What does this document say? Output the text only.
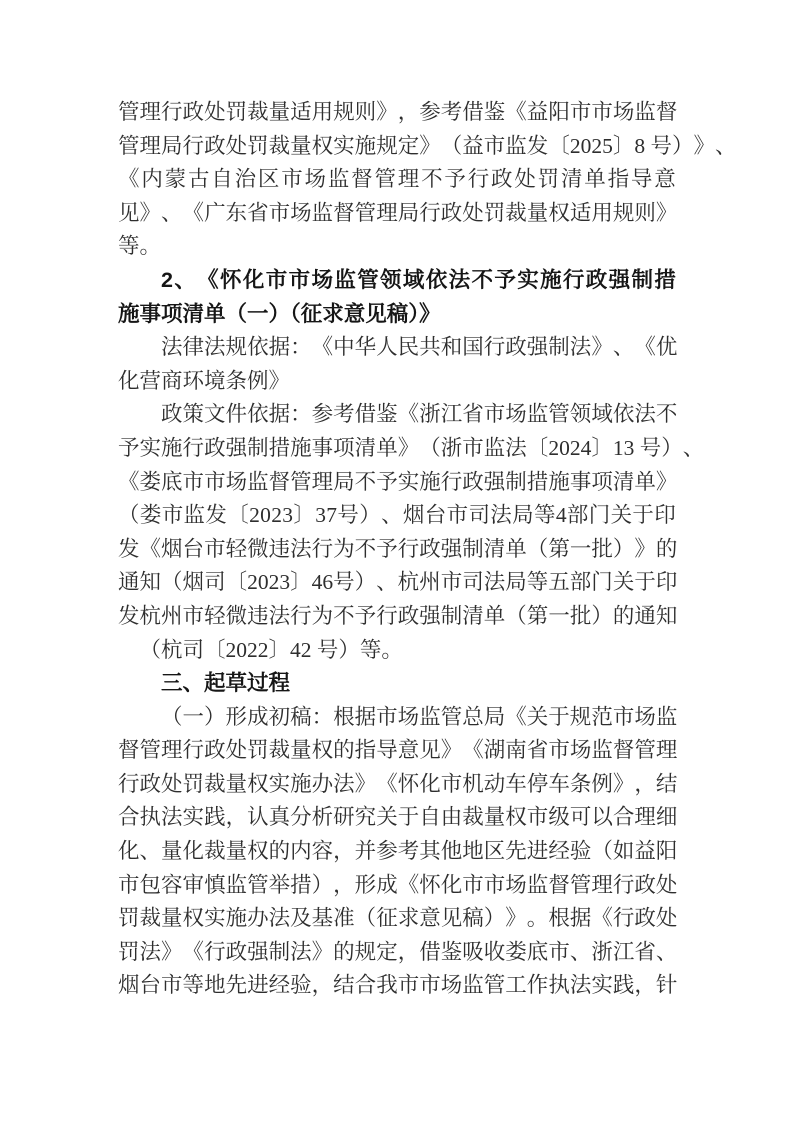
管 理 行 政 处 罚 裁 量 适 用 规 则 》 ， 参 考 借 鉴 《 益 阳 市 市 场 监 督
管 理 局 行 政 处 罚 裁 量 权 实 施 规 定 》 （ 益 市 监 发 〔 2 0 2 5 〕 8
号 ） 》 、
《 内 蒙 古 自 治 区 市 场 监 督 管 理 不 予 行 政 处 罚 清 单 指 导 意
见 》 、 《 广 东 省 市 场 监 督 管 理 局 行 政 处 罚 裁 量 权 适 用 规 则 》
等。
2 、 《 怀 化 市 市 场 监 管 领 域 依 法 不 予 实 施 行 政 强 制 措
施事项清单（一）（征求意见稿）》
法 律 法 规 依 据 ： 《 中 华 人 民 共 和 国 行 政 强 制 法 》 、 《 优
化营商环境条例》
政 策 文 件 依 据 ： 参 考 借 鉴 《 浙 江 省 市 场 监 管 领 域 依 法 不
予 实 施 行 政 强 制 措 施 事 项 清 单 》 （ 浙 市 监 法 〔 2 0 2 4 〕 1 3
号 ） 、
《 娄 底 市 市 场 监 督 管 理 局 不 予 实 施 行 政 强 制 措 施 事 项 清 单 》
（ 娄 市 监 发 〔 2 0 2 3 〕 3 7 号 ） 、 烟 台 市 司 法 局 等 4 部 门 关 于 印
发 《 烟 台 市 轻 微 违 法 行 为 不 予 行 政 强 制 清 单 （ 第 一 批 ） 》 的
通 知 （ 烟 司 〔 2 0 2 3 〕 4 6 号 ） 、 杭 州 市 司 法 局 等 五 部 门 关 于 印
发 杭 州 市 轻 微 违 法 行 为 不 予 行 政 强 制 清 单 （ 第 一 批 ） 的 通 知
（杭司〔2022〕42 号）等。
三、起草过程
（ 一 ） 形 成 初 稿 ： 根 据 市 场 监 管 总 局 《 关 于 规 范 市 场 监
督 管 理 行 政 处 罚 裁 量 权 的 指 导 意 见 》 《 湖 南 省 市 场 监 督 管 理
行 政 处 罚 裁 量 权 实 施 办 法 》 《 怀 化 市 机 动 车 停 车 条 例 》 ， 结
合 执 法 实 践 ， 认 真 分 析 研 究 关 于 自 由 裁 量 权 市 级 可 以 合 理 细
化 、 量 化 裁 量 权 的 内 容 ， 并 参 考 其 他 地 区 先 进 经 验 （ 如 益 阳
市 包 容 审 慎 监 管 举 措 ） ， 形 成 《 怀 化 市 市 场 监 督 管 理 行 政 处
罚 裁 量 权 实 施 办 法 及 基 准 （ 征 求 意 见 稿 ） 》 。 根 据 《 行 政 处
罚 法 》 《 行 政 强 制 法 》 的 规 定 ， 借 鉴 吸 收 娄 底 市 、 浙 江 省 、
烟 台 市 等 地 先 进 经 验 ， 结 合 我 市 市 场 监 管 工 作 执 法 实 践 ， 针
